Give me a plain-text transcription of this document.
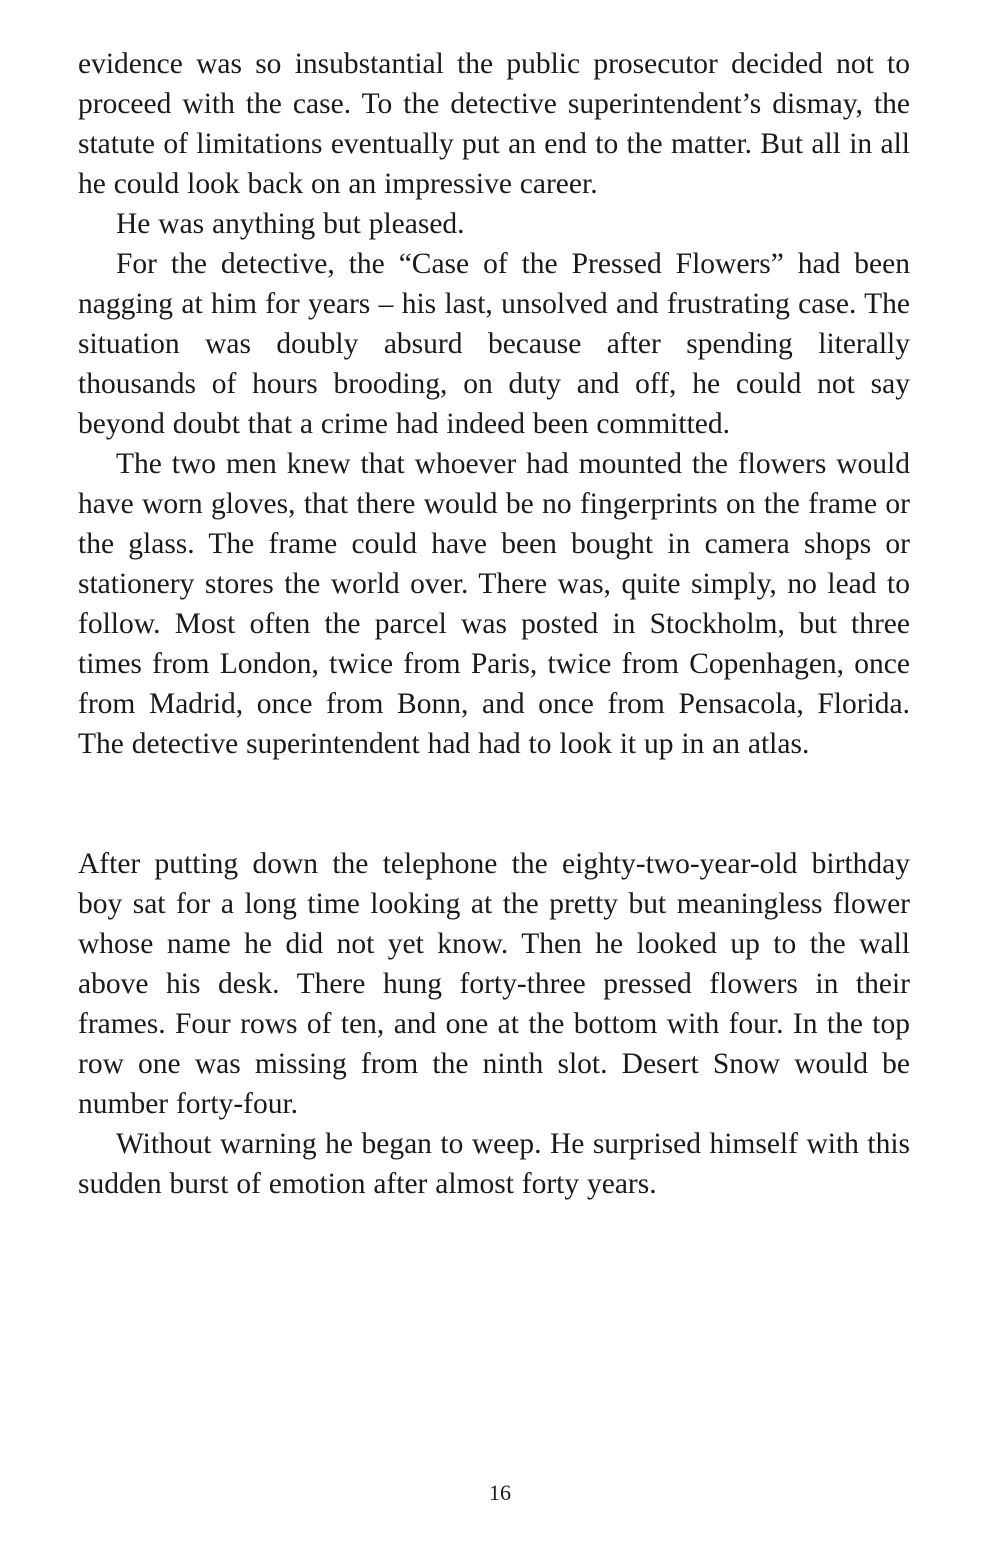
evidence was so insubstantial the public prosecutor decided not to proceed with the case. To the detective superintendent’s dismay, the statute of limitations eventually put an end to the matter. But all in all he could look back on an impressive career.

He was anything but pleased.

For the detective, the “Case of the Pressed Flowers” had been nagging at him for years – his last, unsolved and frustrating case. The situation was doubly absurd because after spending literally thousands of hours brooding, on duty and off, he could not say beyond doubt that a crime had indeed been committed.

The two men knew that whoever had mounted the flowers would have worn gloves, that there would be no fingerprints on the frame or the glass. The frame could have been bought in camera shops or stationery stores the world over. There was, quite simply, no lead to follow. Most often the parcel was posted in Stockholm, but three times from London, twice from Paris, twice from Copenhagen, once from Madrid, once from Bonn, and once from Pensacola, Florida. The detective superintendent had had to look it up in an atlas.

After putting down the telephone the eighty-two-year-old birthday boy sat for a long time looking at the pretty but meaningless flower whose name he did not yet know. Then he looked up to the wall above his desk. There hung forty-three pressed flowers in their frames. Four rows of ten, and one at the bottom with four. In the top row one was missing from the ninth slot. Desert Snow would be number forty-four.

Without warning he began to weep. He surprised himself with this sudden burst of emotion after almost forty years.

16
